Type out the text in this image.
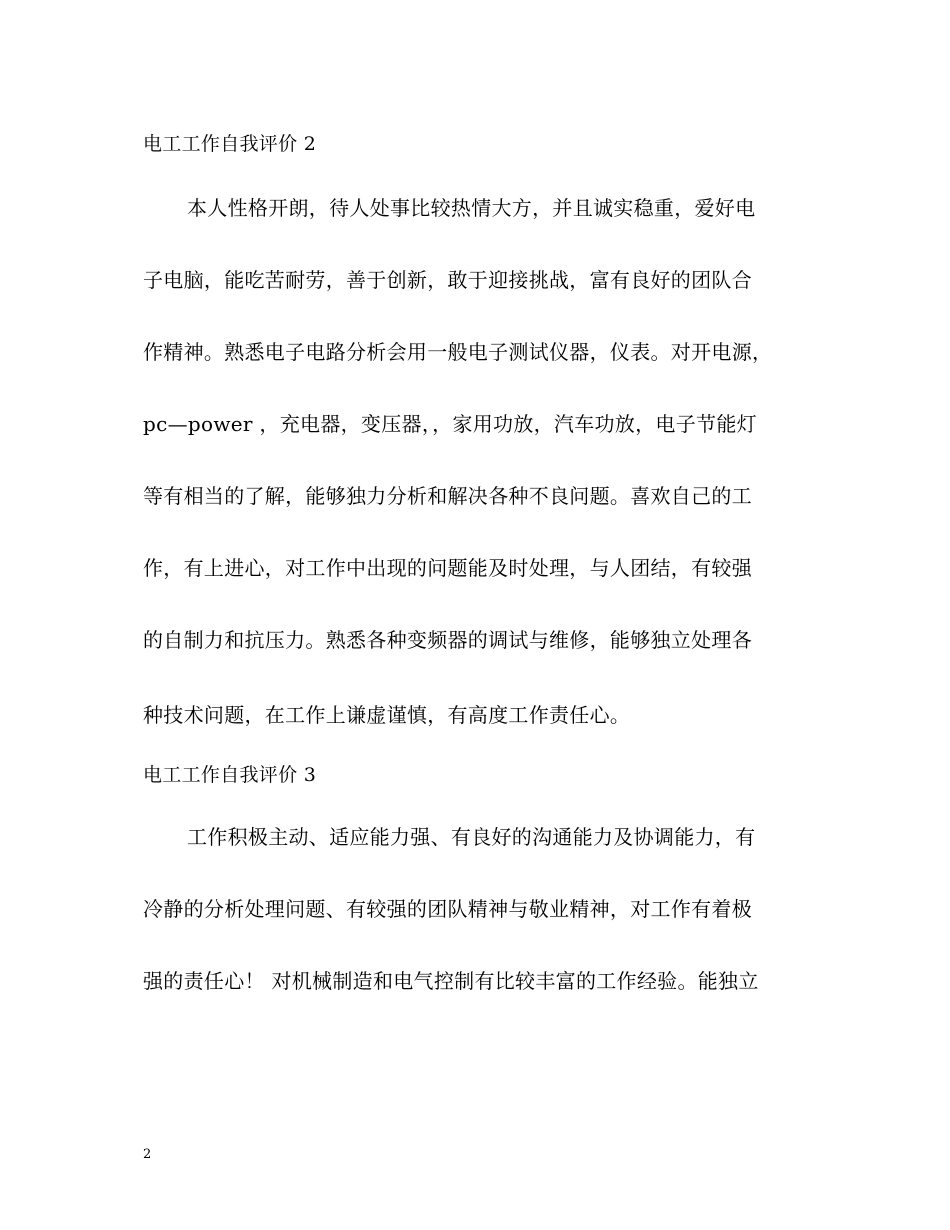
电工工作自我评价 2
本人性格开朗，待人处事比较热情大方，并且诚实稳重，爱好电
子电脑，能吃苦耐劳，善于创新，敢于迎接挑战，富有良好的团队合
作精神。熟悉电子电路分析会用一般电子测试仪器，仪表。对开电源，
pc—power ，充电器，变压器，，家用功放，汽车功放，电子节能灯
等有相当的了解，能够独力分析和解决各种不良问题。喜欢自己的工
作，有上进心，对工作中出现的问题能及时处理，与人团结，有较强
的自制力和抗压力。熟悉各种变频器的调试与维修，能够独立处理各
种技术问题，在工作上谦虚谨慎，有高度工作责任心。
电工工作自我评价 3
工作积极主动、适应能力强、有良好的沟通能力及协调能力，有
冷静的分析处理问题、有较强的团队精神与敬业精神，对工作有着极
强的责任心！ 对机械制造和电气控制有比较丰富的工作经验。能独立
2
